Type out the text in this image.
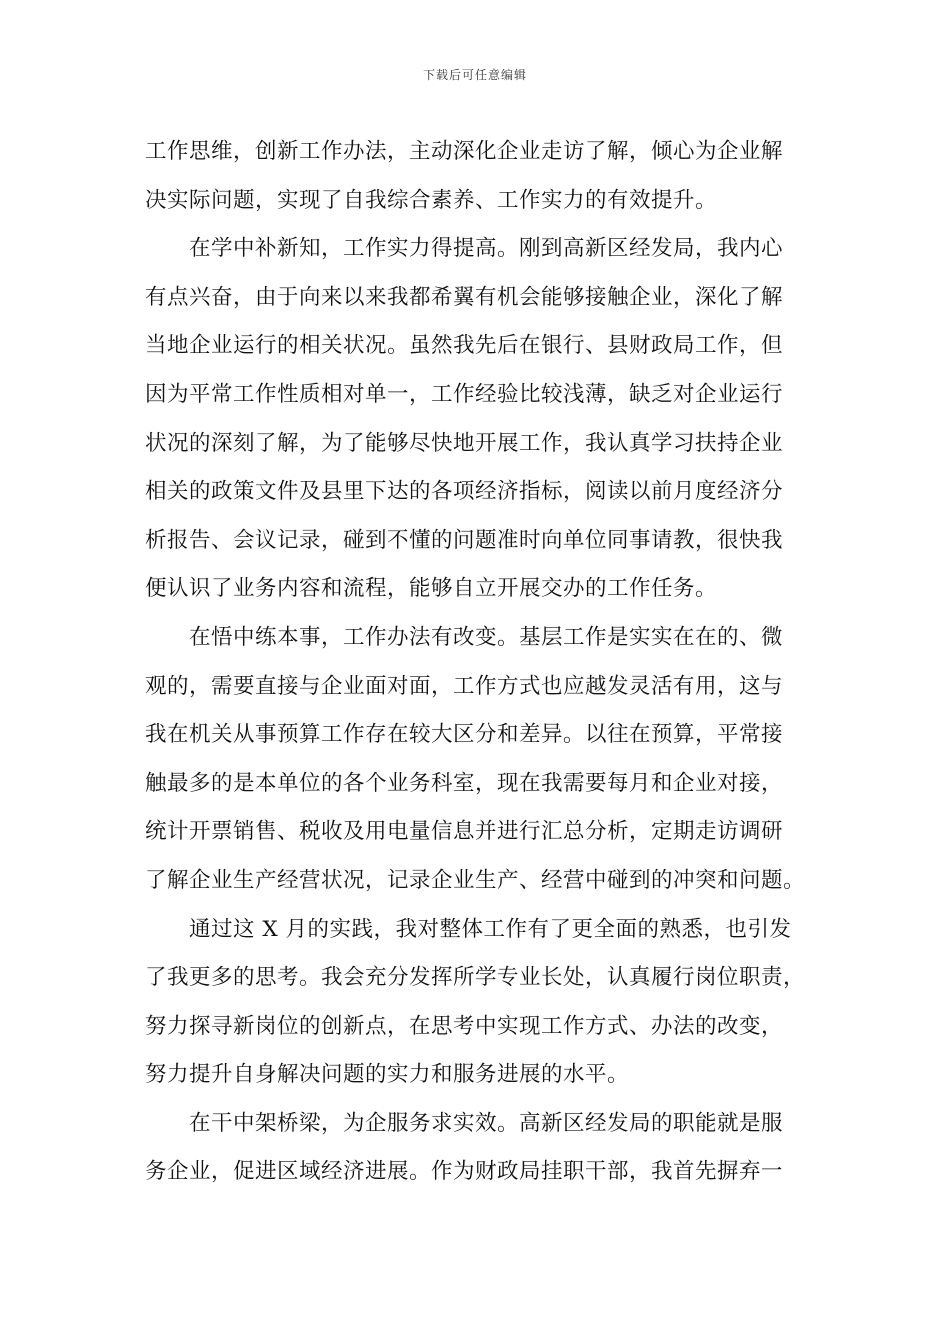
下载后可任意编辑
工作思维，创新工作办法，主动深化企业走访了解，倾心为企业解
决实际问题，实现了自我综合素养、工作实力的有效提升。
在学中补新知，工作实力得提高。刚到高新区经发局，我内心
有点兴奋，由于向来以来我都希翼有机会能够接触企业，深化了解
当地企业运行的相关状况。虽然我先后在银行、县财政局工作，但
因为平常工作性质相对单一，工作经验比较浅薄，缺乏对企业运行
状况的深刻了解，为了能够尽快地开展工作，我认真学习扶持企业
相关的政策文件及县里下达的各项经济指标，阅读以前月度经济分
析报告、会议记录，碰到不懂的问题准时向单位同事请教，很快我
便认识了业务内容和流程，能够自立开展交办的工作任务。
在悟中练本事，工作办法有改变。基层工作是实实在在的、微
观的，需要直接与企业面对面，工作方式也应越发灵活有用，这与
我在机关从事预算工作存在较大区分和差异。以往在预算，平常接
触最多的是本单位的各个业务科室，现在我需要每月和企业对接，
统计开票销售、税收及用电量信息并进行汇总分析，定期走访调研
了解企业生产经营状况，记录企业生产、经营中碰到的冲突和问题。
通过这 X 月的实践，我对整体工作有了更全面的熟悉，也引发
了我更多的思考。我会充分发挥所学专业长处，认真履行岗位职责，
努力探寻新岗位的创新点，在思考中实现工作方式、办法的改变，
努力提升自身解决问题的实力和服务进展的水平。
在干中架桥梁，为企服务求实效。高新区经发局的职能就是服
务企业，促进区域经济进展。作为财政局挂职干部，我首先摒弃一
